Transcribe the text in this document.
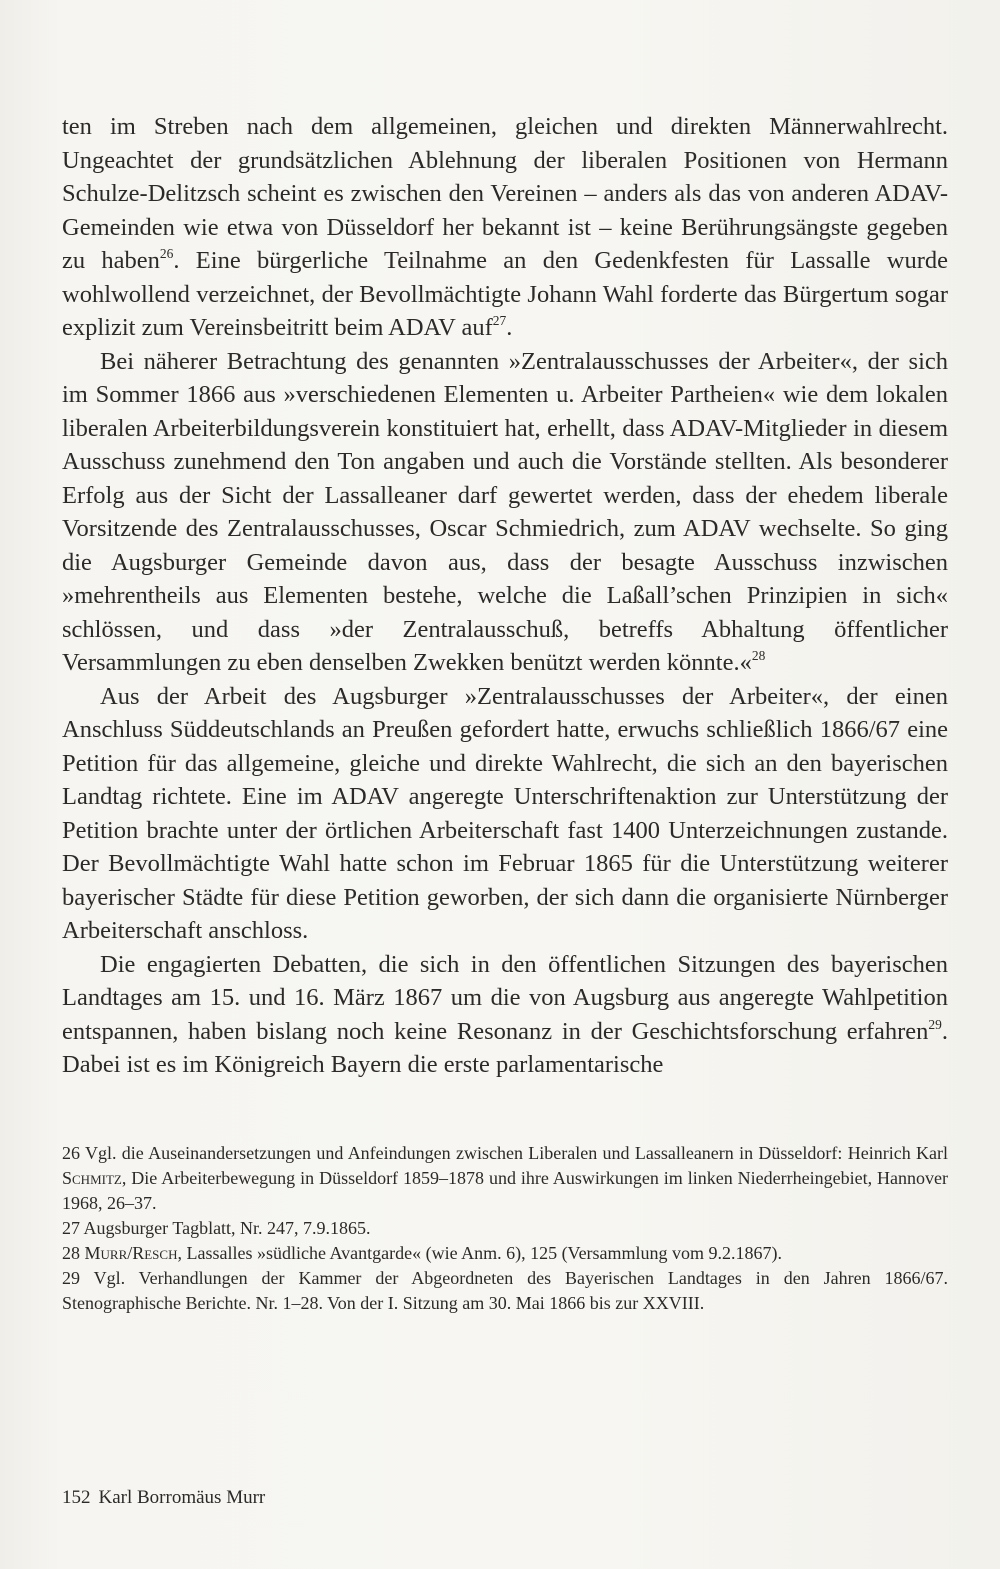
ten im Streben nach dem allgemeinen, gleichen und direkten Männerwahlrecht. Ungeachtet der grundsätzlichen Ablehnung der liberalen Positionen von Hermann Schulze-Delitzsch scheint es zwischen den Vereinen – anders als das von anderen ADAV-Gemeinden wie etwa von Düsseldorf her bekannt ist – keine Berührungsängste gegeben zu haben$^{26}$. Eine bürgerliche Teilnahme an den Gedenkfesten für Lassalle wurde wohlwollend verzeichnet, der Bevollmächtigte Johann Wahl forderte das Bürgertum sogar explizit zum Vereinsbeitritt beim ADAV auf$^{27}$.

Bei näherer Betrachtung des genannten »Zentralausschusses der Arbeiter«, der sich im Sommer 1866 aus »verschiedenen Elementen u. Arbeiter Partheien« wie dem lokalen liberalen Arbeiterbildungsverein konstituiert hat, erhellt, dass ADAV-Mitglieder in diesem Ausschuss zunehmend den Ton angaben und auch die Vorstände stellten. Als besonderer Erfolg aus der Sicht der Lassalleaner darf gewertet werden, dass der ehedem liberale Vorsitzende des Zentralausschusses, Oscar Schmiedrich, zum ADAV wechselte. So ging die Augsburger Gemeinde davon aus, dass der besagte Ausschuss inzwischen »mehrentheils aus Elementen bestehe, welche die Laßall’schen Prinzipien in sich« schlössen, und dass »der Zentralausschuß, betreffs Abhaltung öffentlicher Versammlungen zu eben denselben Zwekken benützt werden könnte.«$^{28}$

Aus der Arbeit des Augsburger »Zentralausschusses der Arbeiter«, der einen Anschluss Süddeutschlands an Preußen gefordert hatte, erwuchs schließlich 1866/67 eine Petition für das allgemeine, gleiche und direkte Wahlrecht, die sich an den bayerischen Landtag richtete. Eine im ADAV angeregte Unterschriftenaktion zur Unterstützung der Petition brachte unter der örtlichen Arbeiterschaft fast 1400 Unterzeichnungen zustande. Der Bevollmächtigte Wahl hatte schon im Februar 1865 für die Unterstützung weiterer bayerischer Städte für diese Petition geworben, der sich dann die organisierte Nürnberger Arbeiterschaft anschloss.

Die engagierten Debatten, die sich in den öffentlichen Sitzungen des bayerischen Landtages am 15. und 16. März 1867 um die von Augsburg aus angeregte Wahlpetition entspannen, haben bislang noch keine Resonanz in der Geschichtsforschung erfahren$^{29}$. Dabei ist es im Königreich Bayern die erste parlamentarische

26 Vgl. die Auseinandersetzungen und Anfeindungen zwischen Liberalen und Lassalleanern in Düsseldorf: Heinrich Karl Schmitz, Die Arbeiterbewegung in Düsseldorf 1859–1878 und ihre Auswirkungen im linken Niederrheingebiet, Hannover 1968, 26–37.

27 Augsburger Tagblatt, Nr. 247, 7.9.1865.

28 Murr/Resch, Lassalles »südliche Avantgarde« (wie Anm. 6), 125 (Versammlung vom 9.2.1867).

29 Vgl. Verhandlungen der Kammer der Abgeordneten des Bayerischen Landtages in den Jahren 1866/67. Stenographische Berichte. Nr. 1–28. Von der I. Sitzung am 30. Mai 1866 bis zur XXVIII.

152 Karl Borromäus Murr
